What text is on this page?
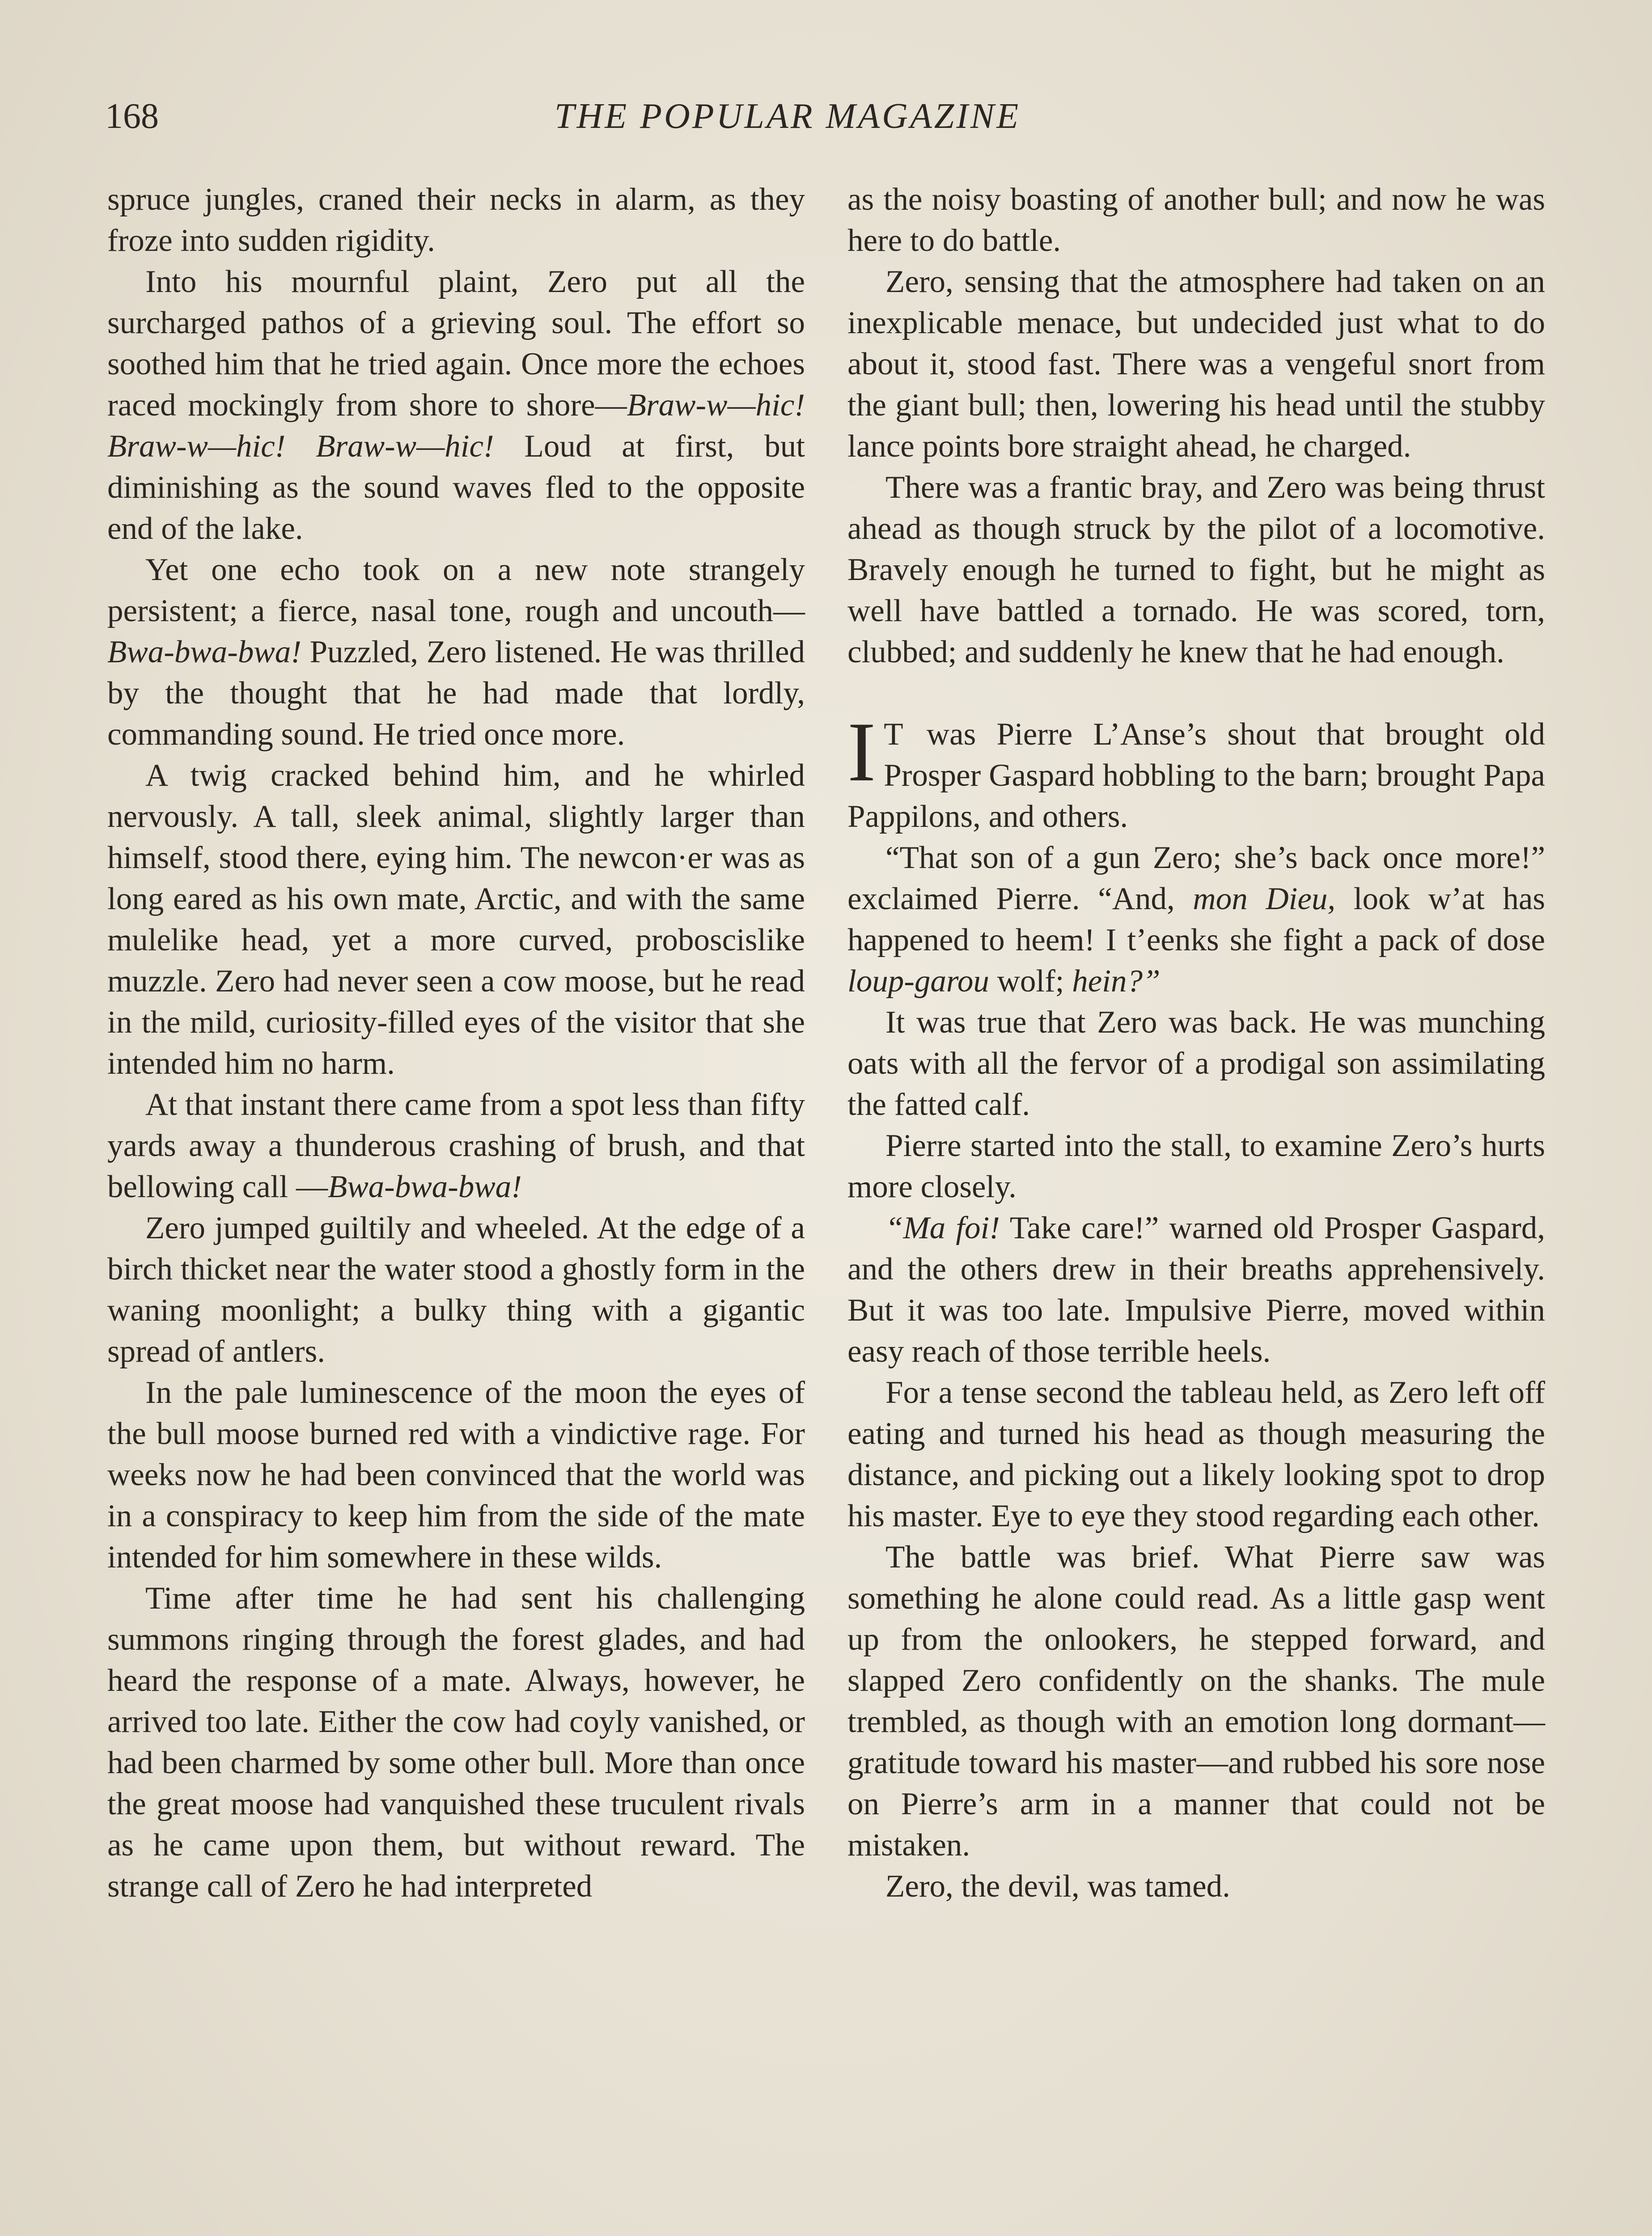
168	THE POPULAR MAGAZINE

spruce jungles, craned their necks in alarm, as they froze into sudden rigidity.

Into his mournful plaint, Zero put all the surcharged pathos of a grieving soul. The effort so soothed him that he tried again. Once more the echoes raced mockingly from shore to shore—Braw-w—hic! Braw-w—hic! Braw-w—hic! Loud at first, but diminishing as the sound waves fled to the opposite end of the lake.

Yet one echo took on a new note strangely persistent; a fierce, nasal tone, rough and uncouth—Bwa-bwa-bwa! Puzzled, Zero listened. He was thrilled by the thought that he had made that lordly, commanding sound. He tried once more.

A twig cracked behind him, and he whirled nervously. A tall, sleek animal, slightly larger than himself, stood there, eying him. The newcon·er was as long eared as his own mate, Arctic, and with the same mulelike head, yet a more curved, proboscislike muzzle. Zero had never seen a cow moose, but he read in the mild, curiosity-filled eyes of the visitor that she intended him no harm.

At that instant there came from a spot less than fifty yards away a thunderous crashing of brush, and that bellowing call —Bwa-bwa-bwa!

Zero jumped guiltily and wheeled. At the edge of a birch thicket near the water stood a ghostly form in the waning moonlight; a bulky thing with a gigantic spread of antlers.

In the pale luminescence of the moon the eyes of the bull moose burned red with a vindictive rage. For weeks now he had been convinced that the world was in a conspiracy to keep him from the side of the mate intended for him somewhere in these wilds.

Time after time he had sent his challenging summons ringing through the forest glades, and had heard the response of a mate. Always, however, he arrived too late. Either the cow had coyly vanished, or had been charmed by some other bull. More than once the great moose had vanquished these truculent rivals as he came upon them, but without reward. The strange call of Zero he had interpreted

as the noisy boasting of another bull; and now he was here to do battle.

Zero, sensing that the atmosphere had taken on an inexplicable menace, but undecided just what to do about it, stood fast. There was a vengeful snort from the giant bull; then, lowering his head until the stubby lance points bore straight ahead, he charged.

There was a frantic bray, and Zero was being thrust ahead as though struck by the pilot of a locomotive. Bravely enough he turned to fight, but he might as well have battled a tornado. He was scored, torn, clubbed; and suddenly he knew that he had enough.

I T was Pierre L’Anse’s shout that brought old Prosper Gaspard hobbling to the barn; brought Papa Pappilons, and others.

“That son of a gun Zero; she’s back once more!” exclaimed Pierre. “And, mon Dieu, look w’at has happened to heem! I t’eenks she fight a pack of dose loup-garou wolf; hein?”

It was true that Zero was back. He was munching oats with all the fervor of a prodigal son assimilating the fatted calf.

Pierre started into the stall, to examine Zero’s hurts more closely.

“Ma foi! Take care!” warned old Prosper Gaspard, and the others drew in their breaths apprehensively. But it was too late. Impulsive Pierre, moved within easy reach of those terrible heels.

For a tense second the tableau held, as Zero left off eating and turned his head as though measuring the distance, and picking out a likely looking spot to drop his master. Eye to eye they stood regarding each other.

The battle was brief. What Pierre saw was something he alone could read. As a little gasp went up from the onlookers, he stepped forward, and slapped Zero confidently on the shanks. The mule trembled, as though with an emotion long dormant—gratitude toward his master—and rubbed his sore nose on Pierre’s arm in a manner that could not be mistaken.

Zero, the devil, was tamed.
